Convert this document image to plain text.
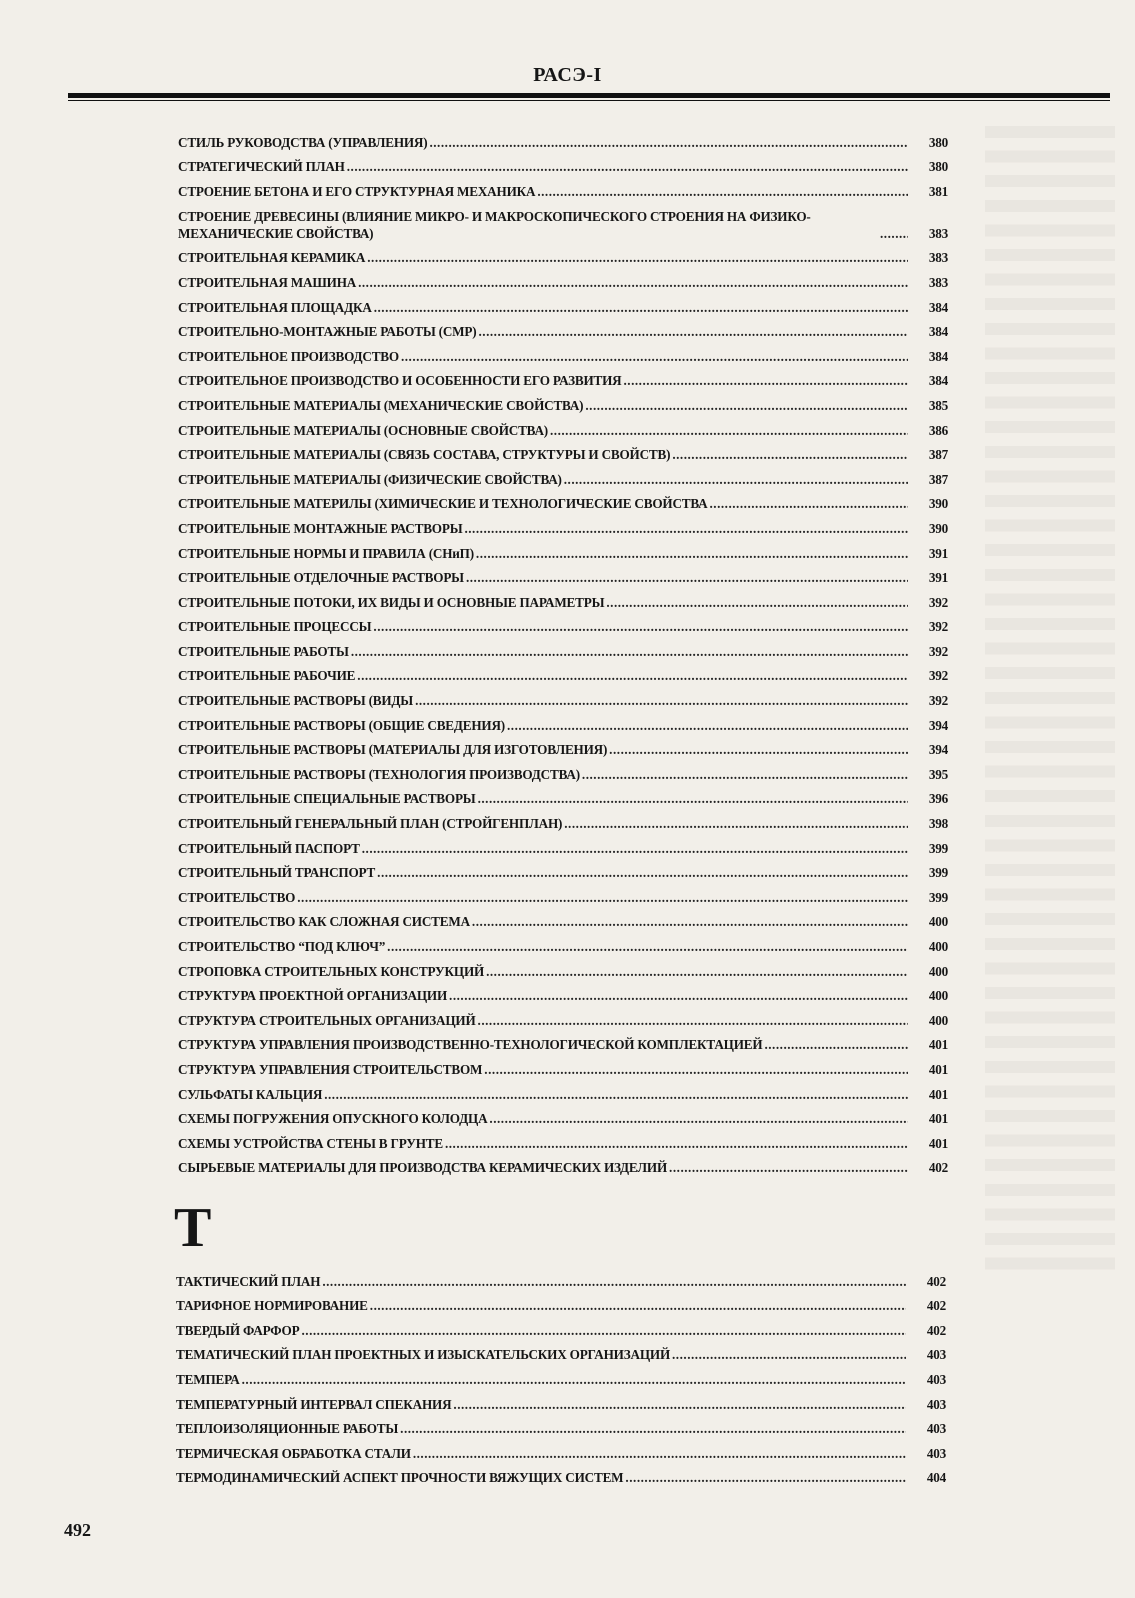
РАСЭ-I
СТИЛЬ РУКОВОДСТВА (УПРАВЛЕНИЯ) .....	380
СТРАТЕГИЧЕСКИЙ ПЛАН .....	380
СТРОЕНИЕ БЕТОНА И ЕГО СТРУКТУРНАЯ МЕХАНИКА .....	381
СТРОЕНИЕ ДРЕВЕСИНЫ (ВЛИЯНИЕ МИКРО- И МАКРОСКОПИЧЕСКОГО СТРОЕНИЯ НА ФИЗИКО-МЕХАНИЧЕСКИЕ СВОЙСТВА) .....	383
СТРОИТЕЛЬНАЯ КЕРАМИКА .....	383
СТРОИТЕЛЬНАЯ МАШИНА .....	383
СТРОИТЕЛЬНАЯ ПЛОЩАДКА .....	384
СТРОИТЕЛЬНО-МОНТАЖНЫЕ РАБОТЫ (СМР) .....	384
СТРОИТЕЛЬНОЕ ПРОИЗВОДСТВО .....	384
СТРОИТЕЛЬНОЕ ПРОИЗВОДСТВО И ОСОБЕННОСТИ ЕГО РАЗВИТИЯ .....	384
СТРОИТЕЛЬНЫЕ МАТЕРИАЛЫ (МЕХАНИЧЕСКИЕ СВОЙСТВА) .....	385
СТРОИТЕЛЬНЫЕ МАТЕРИАЛЫ (ОСНОВНЫЕ СВОЙСТВА) .....	386
СТРОИТЕЛЬНЫЕ МАТЕРИАЛЫ (СВЯЗЬ СОСТАВА, СТРУКТУРЫ И СВОЙСТВ) .....	387
СТРОИТЕЛЬНЫЕ МАТЕРИАЛЫ (ФИЗИЧЕСКИЕ СВОЙСТВА) .....	387
СТРОИТЕЛЬНЫЕ МАТЕРИЛЫ (ХИМИЧЕСКИЕ И ТЕХНОЛОГИЧЕСКИЕ СВОЙСТВА .....	390
СТРОИТЕЛЬНЫЕ МОНТАЖНЫЕ РАСТВОРЫ .....	390
СТРОИТЕЛЬНЫЕ НОРМЫ И ПРАВИЛА (СНиП) .....	391
СТРОИТЕЛЬНЫЕ ОТДЕЛОЧНЫЕ РАСТВОРЫ .....	391
СТРОИТЕЛЬНЫЕ ПОТОКИ, ИХ ВИДЫ И ОСНОВНЫЕ ПАРАМЕТРЫ .....	392
СТРОИТЕЛЬНЫЕ ПРОЦЕССЫ .....	392
СТРОИТЕЛЬНЫЕ РАБОТЫ .....	392
СТРОИТЕЛЬНЫЕ РАБОЧИЕ .....	392
СТРОИТЕЛЬНЫЕ РАСТВОРЫ (ВИДЫ .....	392
СТРОИТЕЛЬНЫЕ РАСТВОРЫ (ОБЩИЕ СВЕДЕНИЯ) .....	394
СТРОИТЕЛЬНЫЕ РАСТВОРЫ (МАТЕРИАЛЫ ДЛЯ ИЗГОТОВЛЕНИЯ) .....	394
СТРОИТЕЛЬНЫЕ РАСТВОРЫ (ТЕХНОЛОГИЯ ПРОИЗВОДСТВА) .....	395
СТРОИТЕЛЬНЫЕ СПЕЦИАЛЬНЫЕ РАСТВОРЫ .....	396
СТРОИТЕЛЬНЫЙ ГЕНЕРАЛЬНЫЙ ПЛАН (СТРОЙГЕНПЛАН) .....	398
СТРОИТЕЛЬНЫЙ ПАСПОРТ .....	399
СТРОИТЕЛЬНЫЙ ТРАНСПОРТ .....	399
СТРОИТЕЛЬСТВО .....	399
СТРОИТЕЛЬСТВО КАК СЛОЖНАЯ СИСТЕМА .....	400
СТРОИТЕЛЬСТВО “ПОД КЛЮЧ” .....	400
СТРОПОВКА СТРОИТЕЛЬНЫХ КОНСТРУКЦИЙ .....	400
СТРУКТУРА ПРОЕКТНОЙ ОРГАНИЗАЦИИ .....	400
СТРУКТУРА СТРОИТЕЛЬНЫХ ОРГАНИЗАЦИЙ .....	400
СТРУКТУРА УПРАВЛЕНИЯ ПРОИЗВОДСТВЕННО-ТЕХНОЛОГИЧЕСКОЙ КОМПЛЕКТАЦИЕЙ .....	401
СТРУКТУРА УПРАВЛЕНИЯ СТРОИТЕЛЬСТВОМ .....	401
СУЛЬФАТЫ КАЛЬЦИЯ .....	401
СХЕМЫ ПОГРУЖЕНИЯ ОПУСКНОГО КОЛОДЦА .....	401
СХЕМЫ УСТРОЙСТВА СТЕНЫ В ГРУНТЕ .....	401
СЫРЬЕВЫЕ МАТЕРИАЛЫ ДЛЯ ПРОИЗВОДСТВА КЕРАМИЧЕСКИХ ИЗДЕЛИЙ .....	402
Т
ТАКТИЧЕСКИЙ ПЛАН .....	402
ТАРИФНОЕ НОРМИРОВАНИЕ .....	402
ТВЕРДЫЙ ФАРФОР .....	402
ТЕМАТИЧЕСКИЙ ПЛАН ПРОЕКТНЫХ И ИЗЫСКАТЕЛЬСКИХ ОРГАНИЗАЦИЙ .....	403
ТЕМПЕРА .....	403
ТЕМПЕРАТУРНЫЙ ИНТЕРВАЛ СПЕКАНИЯ .....	403
ТЕПЛОИЗОЛЯЦИОННЫЕ РАБОТЫ .....	403
ТЕРМИЧЕСКАЯ ОБРАБОТКА СТАЛИ .....	403
ТЕРМОДИНАМИЧЕСКИЙ АСПЕКТ ПРОЧНОСТИ ВЯЖУЩИХ СИСТЕМ .....	404
492
